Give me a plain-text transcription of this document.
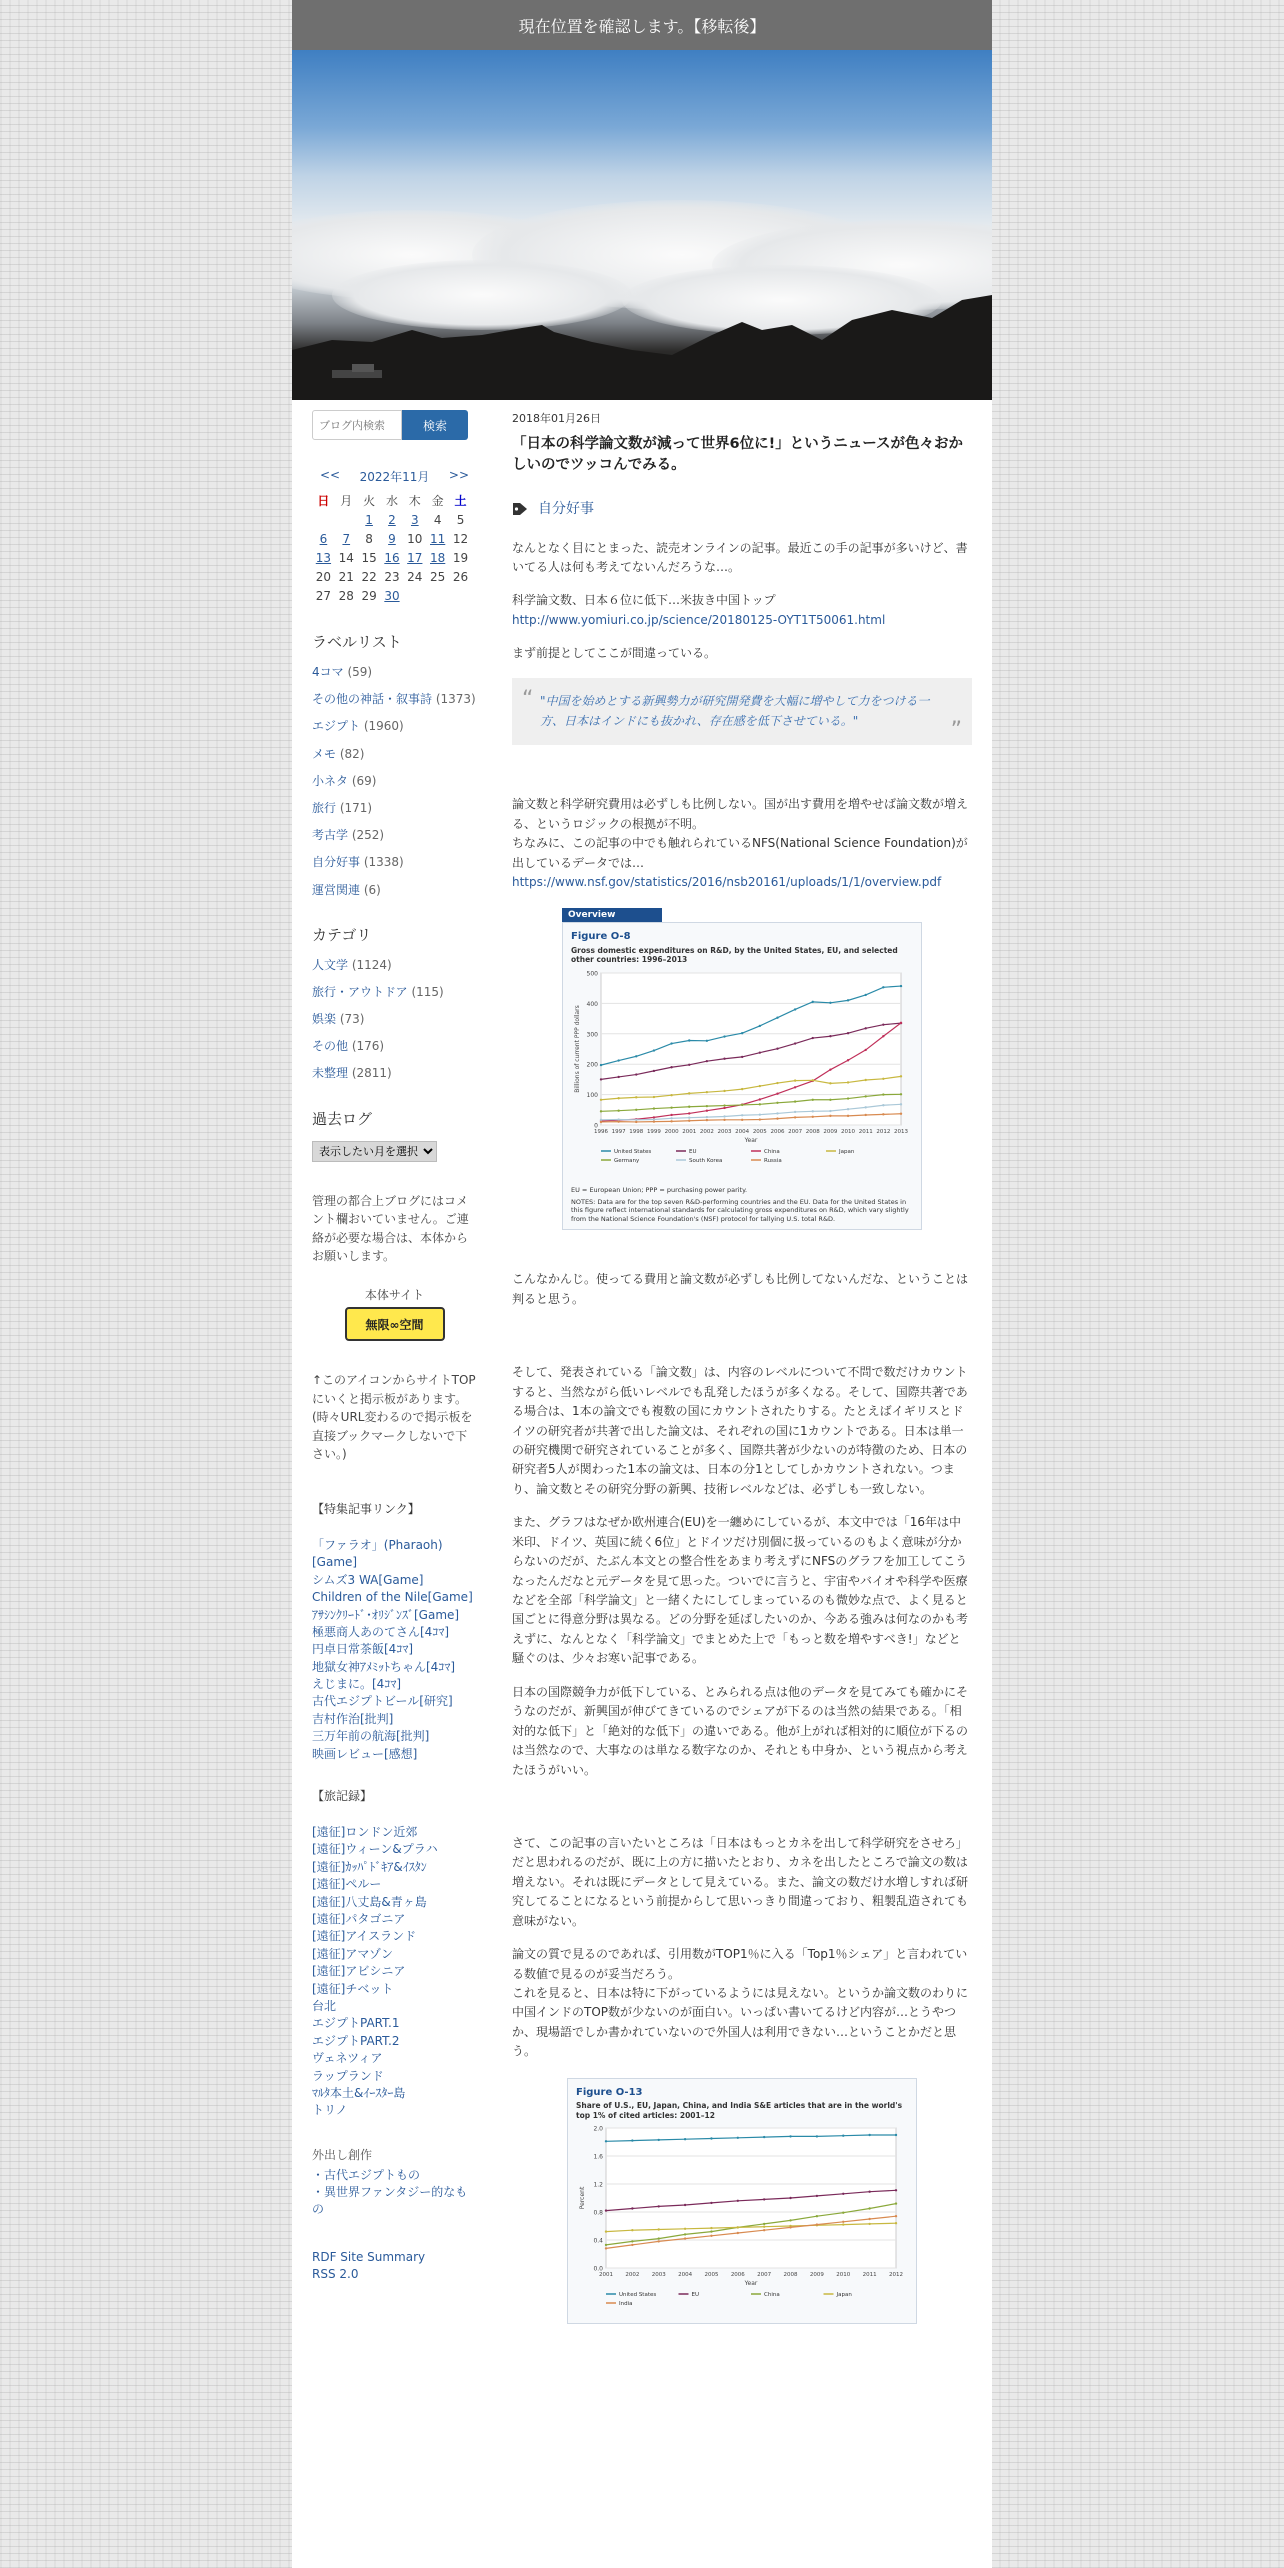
現在位置を確認します。【移転後】
ブログ内検索
検索
<< 2022年11月 >>
日	月	火	水	木	金	土
		1	2	3	4	5
6	7	8	9	10	11	12
13	14	15	16	17	18	19
20	21	22	23	24	25	26
27	28	29	30			
ラベルリスト
4コマ (59)
その他の神話・叙事詩 (1373)
エジプト (1960)
メモ (82)
小ネタ (69)
旅行 (171)
考古学 (252)
自分好事 (1338)
運営関連 (6)
カテゴリ
人文学 (1124)
旅行・アウトドア (115)
娯楽 (73)
その他 (176)
未整理 (2811)
過去ログ
表示したい月を選択
管理の都合上ブログにはコメント欄おいていません。ご連絡が必要な場合は、本体からお願いします。
本体サイト
無限∞空間
↑このアイコンからサイトTOPにいくと掲示板があります。(時々URL変わるので掲示板を直接ブックマークしないで下さい。)
【特集記事リンク】
「ファラオ」(Pharaoh)[Game]
シムズ3 WA[Game]
Children of the Nile[Game]
ｱｻｼﾝｸﾘｰﾄﾞ･ｵﾘｼﾞﾝｽﾞ[Game]
極悪商人あのてさん[4ｺﾏ]
円卓日常茶飯[4ｺﾏ]
地獄女神ｱﾒﾐｯﾄちゃん[4ｺﾏ]
えじまに。[4ｺﾏ]
古代エジプトビール[研究]
吉村作治[批判]
三万年前の航海[批判]
映画レビュー[感想]
【旅記録】
[遠征]ロンドン近郊
[遠征]ウィーン&プラハ
[遠征]ｶｯﾊﾟﾄﾞｷｱ&ｲｽﾀﾝ
[遠征]ペルー
[遠征]八丈島&青ヶ島
[遠征]パタゴニア
[遠征]アイスランド
[遠征]アマゾン
[遠征]アビシニア
[遠征]チベット
台北
エジプトPART.1
エジプトPART.2
ヴェネツィア
ラップランド
ﾏﾙﾀ本土&ｲｰｽﾀｰ島
トリノ
外出し創作
・古代エジプトもの
・異世界ファンタジー的なもの
RDF Site Summary
RSS 2.0
2018年01月26日
「日本の科学論文数が減って世界6位に!」というニュースが色々おかしいのでツッコんでみる。
自分好事
なんとなく目にとまった、読売オンラインの記事。最近この手の記事が多いけど、書いてる人は何も考えてないんだろうな…。
科学論文数、日本６位に低下…米抜き中国トップ
http://www.yomiuri.co.jp/science/20180125-OYT1T50061.html
まず前提としてここが間違っている。
“ "中国を始めとする新興勢力が研究開発費を大幅に増やして力をつける一方、日本はインドにも抜かれ、存在感を低下させている。"	”
論文数と科学研究費用は必ずしも比例しない。国が出す費用を増やせば論文数が増える、というロジックの根拠が不明。
ちなみに、この記事の中でも触れられているNFS(National Science Foundation)が出しているデータでは…
https://www.nsf.gov/statistics/2016/nsb20161/uploads/1/1/overview.pdf
Overview
Figure O-8
Gross domestic expenditures on R&D, by the United States, EU, and selected other countries: 1996–2013
0
100
200
300
400
500
1996 1997 1998 1999 2000 2001 2002 2003 2004 2005 2006 2007 2008 2009 2010 2011 2012 2013
Billions of current PPP dollars
Year
United States	EU	China	Japan
Germany	South Korea	Russia
EU = European Union; PPP = purchasing power parity.
NOTES: Data are for the top seven R&D-performing countries and the EU. Data for the United States in this figure reflect international standards for calculating gross expenditures on R&D, which vary slightly from the National Science Foundation's (NSF) protocol for tallying U.S. total R&D.
こんなかんじ。使ってる費用と論文数が必ずしも比例してないんだな、ということは判ると思う。
そして、発表されている「論文数」は、内容のレベルについて不問で数だけカウントすると、当然ながら低いレベルでも乱発したほうが多くなる。そして、国際共著である場合は、1本の論文でも複数の国にカウントされたりする。たとえばイギリスとドイツの研究者が共著で出した論文は、それぞれの国に1カウントである。日本は単一の研究機関で研究されていることが多く、国際共著が少ないのが特徴のため、日本の研究者5人が関わった1本の論文は、日本の分1としてしかカウントされない。つまり、論文数とその研究分野の新興、技術レベルなどは、必ずしも一致しない。
また、グラフはなぜか欧州連合(EU)を一纏めにしているが、本文中では「16年は中米印、ドイツ、英国に続く6位」とドイツだけ別個に扱っているのもよく意味が分からないのだが、たぶん本文との整合性をあまり考えずにNFSのグラフを加工してこうなったんだなと元データを見て思った。ついでに言うと、宇宙やバイオや科学や医療などを全部「科学論文」と一緒くたにしてしまっているのも微妙な点で、よく見ると国ごとに得意分野は異なる。どの分野を延ばしたいのか、今ある強みは何なのかも考えずに、なんとなく「科学論文」でまとめた上で「もっと数を増やすべき!」などと騒ぐのは、少々お寒い記事である。
日本の国際競争力が低下している、とみられる点は他のデータを見てみても確かにそうなのだが、新興国が伸びてきているのでシェアが下るのは当然の結果である。「相対的な低下」と「絶対的な低下」の違いである。他が上がれば相対的に順位が下るのは当然なので、大事なのは単なる数字なのか、それとも中身か、という視点から考えたほうがいい。
さて、この記事の言いたいところは「日本はもっとカネを出して科学研究をさせろ」だと思われるのだが、既に上の方に描いたとおり、カネを出したところで論文の数は増えない。それは既にデータとして見えている。また、論文の数だけ水増しすれば研究してることになるという前提からして思いっきり間違っており、粗製乱造されても意味がない。
論文の質で見るのであれば、引用数がTOP1％に入る「Top1％シェア」と言われている数値で見るのが妥当だろう。
これを見ると、日本は特に下がっているようには見えない。というか論文数のわりに中国インドのTOP数が少ないのが面白い。いっぱい書いてるけど内容が…とうやつか、現場語でしか書かれていないので外国人は利用できない…ということかだと思う。
Figure O-13
Share of U.S., EU, Japan, China, and India S&E articles that are in the world's top 1% of cited articles: 2001–12
0.0
0.4
0.8
1.2
1.6
2.0
2001 2002 2003 2004 2005 2006 2007 2008 2009 2010 2011 2012
Percent
Year
United States	EU	China	Japan
India
